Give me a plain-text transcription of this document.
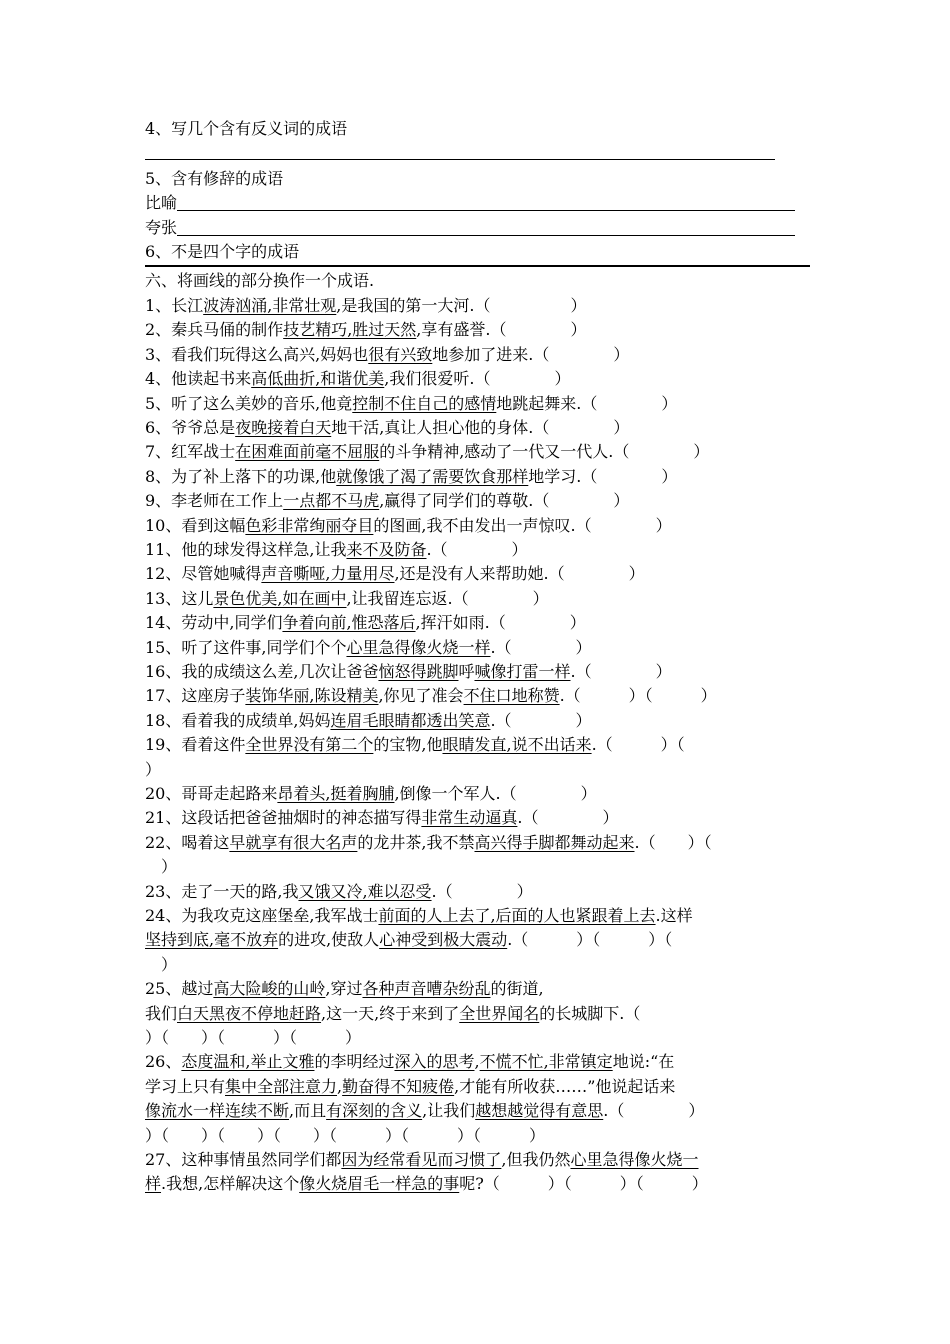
4、写几个含有反义词的成语
5、含有修辞的成语
比喻
夸张
6、不是四个字的成语
六、将画线的部分换作一个成语.
1、长江波涛汹涌,非常壮观,是我国的第一大河.（　　　　　）
2、秦兵马俑的制作技艺精巧,胜过天然,享有盛誉.（　　　　）
3、看我们玩得这么高兴,妈妈也很有兴致地参加了进来.（　　　　）
4、他读起书来高低曲折,和谐优美,我们很爱听.（　　　　）
5、听了这么美妙的音乐,他竟控制不住自己的感情地跳起舞来.（　　　　）
6、爷爷总是夜晚接着白天地干活,真让人担心他的身体.（　　　　）
7、红军战士在困难面前毫不屈服的斗争精神,感动了一代又一代人.（　　　　）
8、为了补上落下的功课,他就像饿了渴了需要饮食那样地学习.（　　　　）
9、李老师在工作上一点都不马虎,赢得了同学们的尊敬.（　　　　）
10、看到这幅色彩非常绚丽夺目的图画,我不由发出一声惊叹.（　　　　）
11、他的球发得这样急,让我来不及防备.（　　　　）
12、尽管她喊得声音嘶哑,力量用尽,还是没有人来帮助她.（　　　　）
13、这儿景色优美,如在画中,让我留连忘返.（　　　　）
14、劳动中,同学们争着向前,惟恐落后,挥汗如雨.（　　　　）
15、听了这件事,同学们个个心里急得像火烧一样.（　　　　）
16、我的成绩这么差,几次让爸爸恼怒得跳脚呼喊像打雷一样.（　　　　）
17、这座房子装饰华丽,陈设精美,你见了准会不住口地称赞.（　　　）（　　　）
18、看着我的成绩单,妈妈连眉毛眼睛都透出笑意.（　　　　）
19、看着这件全世界没有第二个的宝物,他眼睛发直,说不出话来.（　　　）（
）
20、哥哥走起路来昂着头,挺着胸脯,倒像一个军人.（　　　　）
21、这段话把爸爸抽烟时的神态描写得非常生动逼真.（　　　　）
22、喝着这早就享有很大名声的龙井茶,我不禁高兴得手脚都舞动起来.（　　）（
　）
23、走了一天的路,我又饿又冷,难以忍受.（　　　　）
24、为我攻克这座堡垒,我军战士前面的人上去了,后面的人也紧跟着上去.这样
坚持到底,毫不放弃的进攻,使敌人心神受到极大震动.（　　　）（　　　）（
　）
25、越过高大险峻的山岭,穿过各种声音嘈杂纷乱的街道,
我们白天黑夜不停地赶路,这一天,终于来到了全世界闻名的长城脚下.（
）（　　）（　　　）（　　　）
26、态度温和,举止文雅的李明经过深入的思考,不慌不忙,非常镇定地说:“在
学习上只有集中全部注意力,勤奋得不知疲倦,才能有所收获……”他说起话来
像流水一样连续不断,而且有深刻的含义,让我们越想越觉得有意思.（　　　　）
）（　　）（　　）（　　）（　　　）（　　　）（　　　）
27、这种事情虽然同学们都因为经常看见而习惯了,但我仍然心里急得像火烧一
样.我想,怎样解决这个像火烧眉毛一样急的事呢?（　　　）（　　　）（　　　）
